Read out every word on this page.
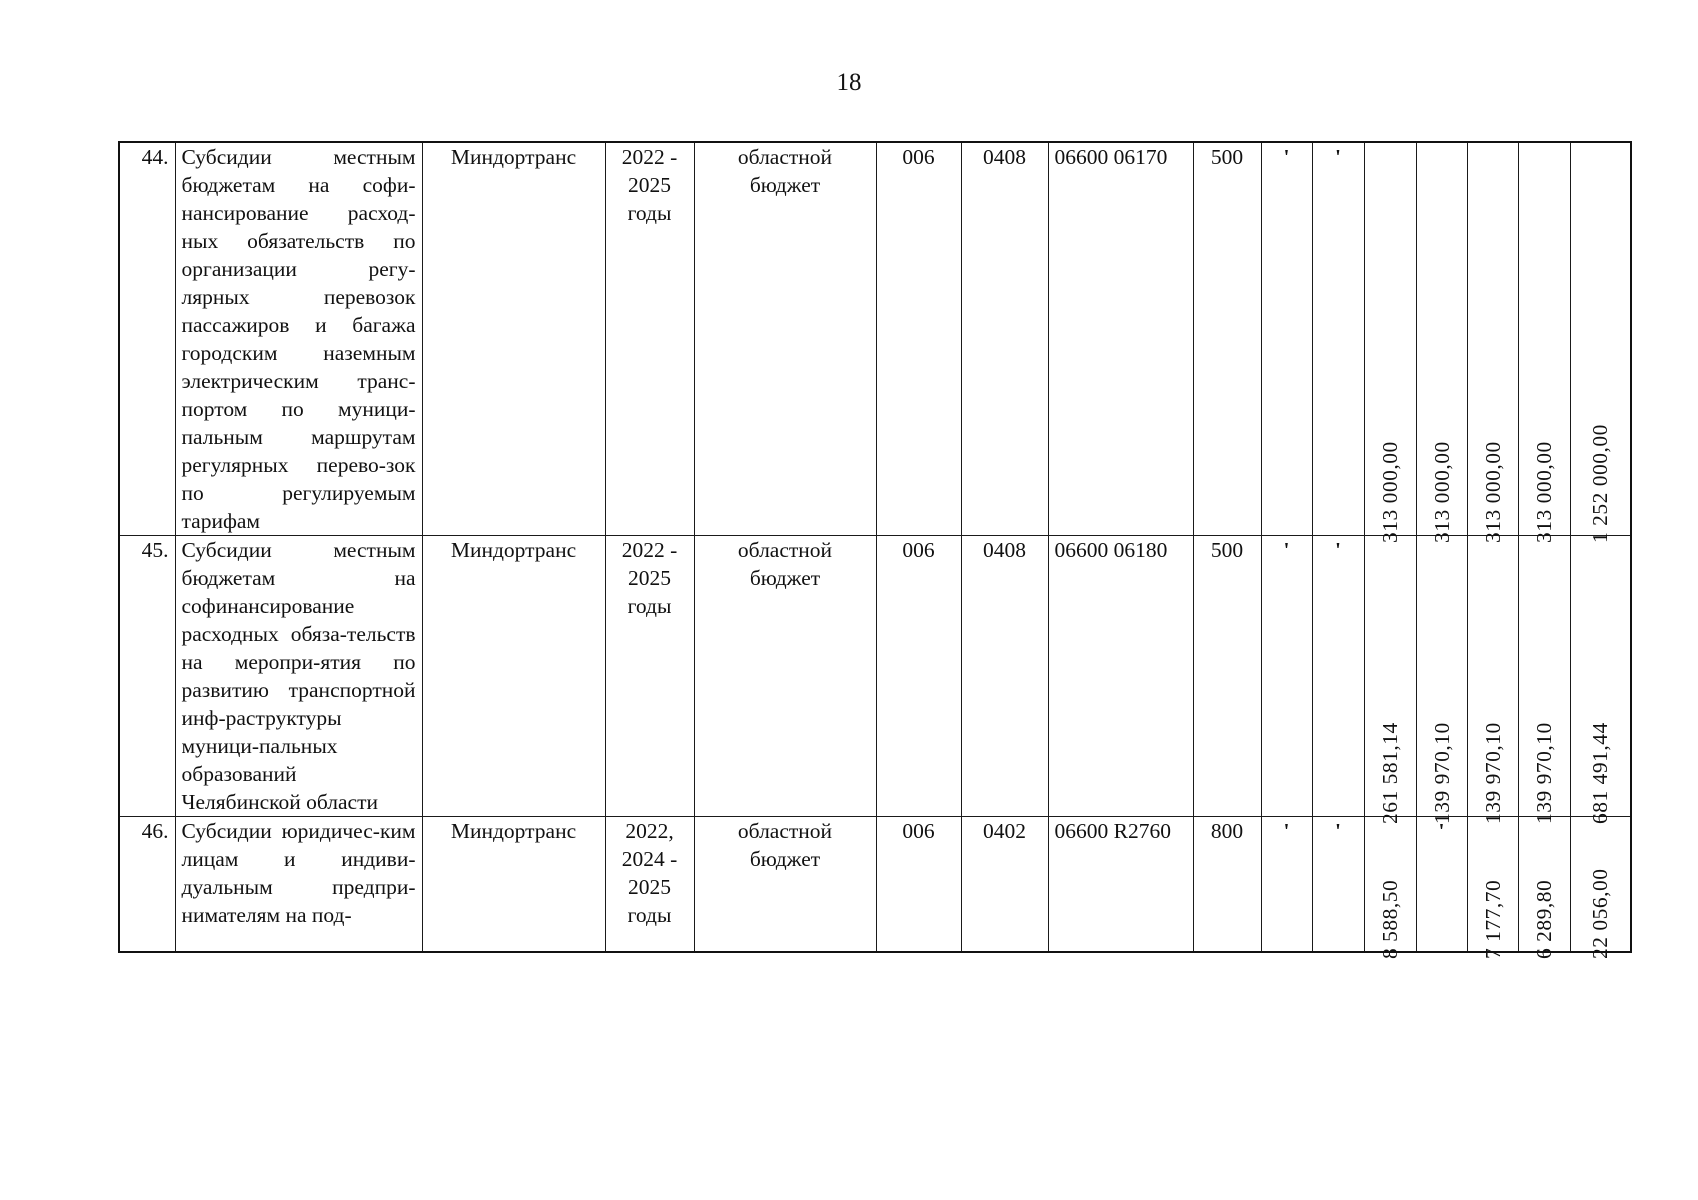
18
44.	Субсидии местным бюджетам на софи-нансирование расход-ных обязательств по организации регу-лярных перевозок пассажиров и багажа городским наземным электрическим транс-портом по муници-пальным маршрутам регулярных перево-зок по регулируемым тарифам	Миндортранс	2022 - 2025 годы	областной бюджет	006	0408	06600 06170	500	'	'	313 000,00	313 000,00	313 000,00	313 000,00	1 252 000,00

45.	Субсидии местным бюджетам на софинансирование расходных обяза-тельств на меропри-ятия по развитию транспортной инф-раструктуры муници-пальных образований Челябинской области	Миндортранс	2022 - 2025 годы	областной бюджет	006	0408	06600 06180	500	'	'	261 581,14	139 970,10	139 970,10	139 970,10	681 491,44

46.	Субсидии юридичес-ким лицам и индиви-дуальным предпри-нимателям на под-	Миндортранс	2022, 2024 - 2025 годы	областной бюджет	006	0402	06600 R2760	800	'	'	8 588,50	'	7 177,70	6 289,80	22 056,00
